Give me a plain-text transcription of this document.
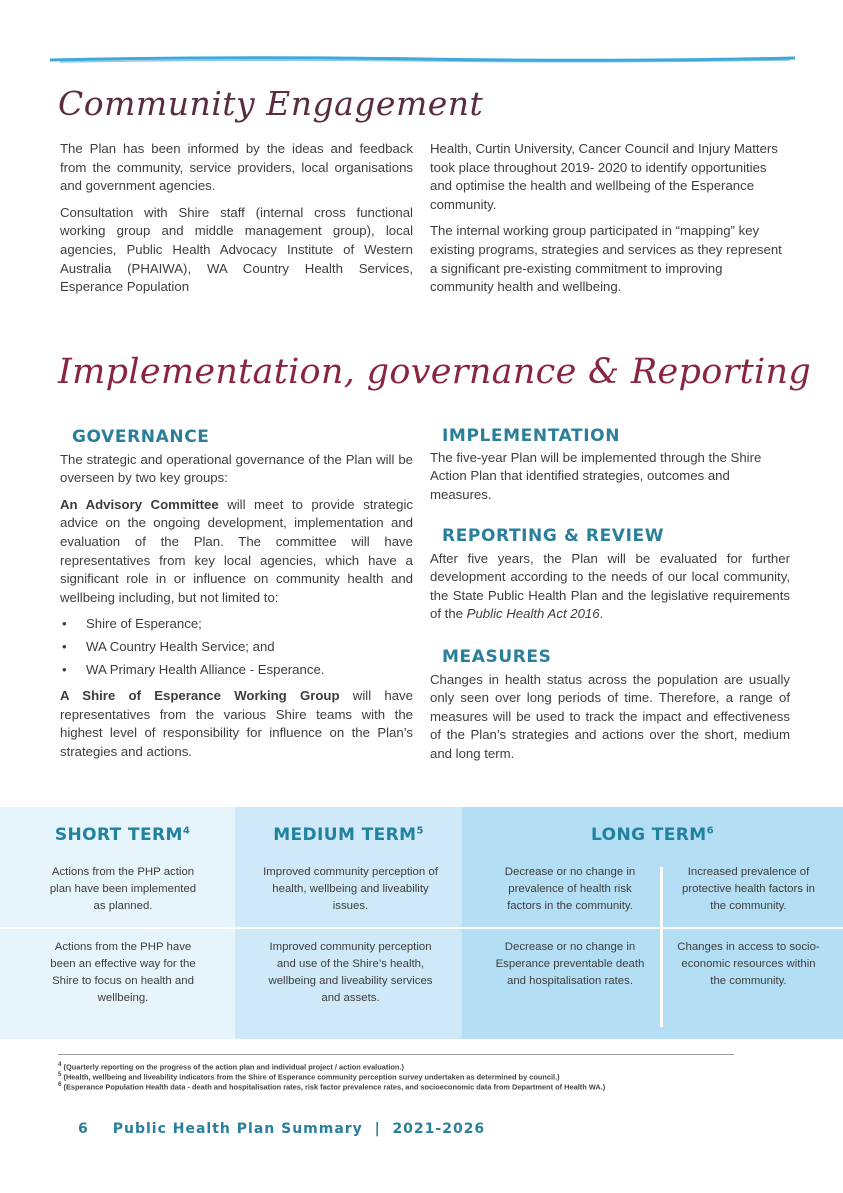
Community Engagement

The Plan has been informed by the ideas and feedback from the community, service providers, local organisations and government agencies.

Consultation with Shire staff (internal cross functional working group and middle management group), local agencies, Public Health Advocacy Institute of Western Australia (PHAIWA), WA Country Health Services, Esperance Population

Health, Curtin University, Cancer Council and Injury Matters took place throughout 2019- 2020 to identify opportunities and optimise the health and wellbeing of the Esperance community.

The internal working group participated in “mapping” key existing programs, strategies and services as they represent a significant pre-existing commitment to improving community health and wellbeing.

Implementation, governance & Reporting
GOVERNANCE

The strategic and operational governance of the Plan will be overseen by two key groups:

An Advisory Committee will meet to provide strategic advice on the ongoing development, implementation and evaluation of the Plan. The committee will have representatives from key local agencies, which have a significant role in or influence on community health and wellbeing including, but not limited to:

• Shire of Esperance;
• WA Country Health Service; and
• WA Primary Health Alliance - Esperance.

A Shire of Esperance Working Group will have representatives from the various Shire teams with the highest level of responsibility for influence on the Plan’s strategies and actions.

IMPLEMENTATION

The five-year Plan will be implemented through the Shire Action Plan that identified strategies, outcomes and measures.

REPORTING & REVIEW

After five years, the Plan will be evaluated for further development according to the needs of our local community, the State Public Health Plan and the legislative requirements of the Public Health Act 2016.

MEASURES

Changes in health status across the population are usually only seen over long periods of time. Therefore, a range of measures will be used to track the impact and effectiveness of the Plan’s strategies and actions over the short, medium and long term.

SHORT TERM$^4$	MEDIUM TERM$^5$	LONG TERM$^6$
Actions from the PHP action plan have been implemented as planned.
Actions from the PHP have been an effective way for the Shire to focus on health and wellbeing.
Improved community perception of health, wellbeing and liveability issues.
Improved community perception and use of the Shire’s health, wellbeing and liveability services and assets.
Decrease or no change in prevalence of health risk factors in the community.
Increased prevalence of protective health factors in the community.
Decrease or no change in Esperance preventable death and hospitalisation rates.
Changes in access to socio-economic resources within the community.
$^4$ (Quarterly reporting on the progress of the action plan and individual project / action evaluation.)
$^5$ (Health, wellbeing and liveability indicators from the Shire of Esperance community perception survey undertaken as determined by council.)
$^6$ (Esperance Population Health data - death and hospitalisation rates, risk factor prevalence rates, and socioeconomic data from Department of Health WA.)
6 Public Health Plan Summary | 2021-2026
